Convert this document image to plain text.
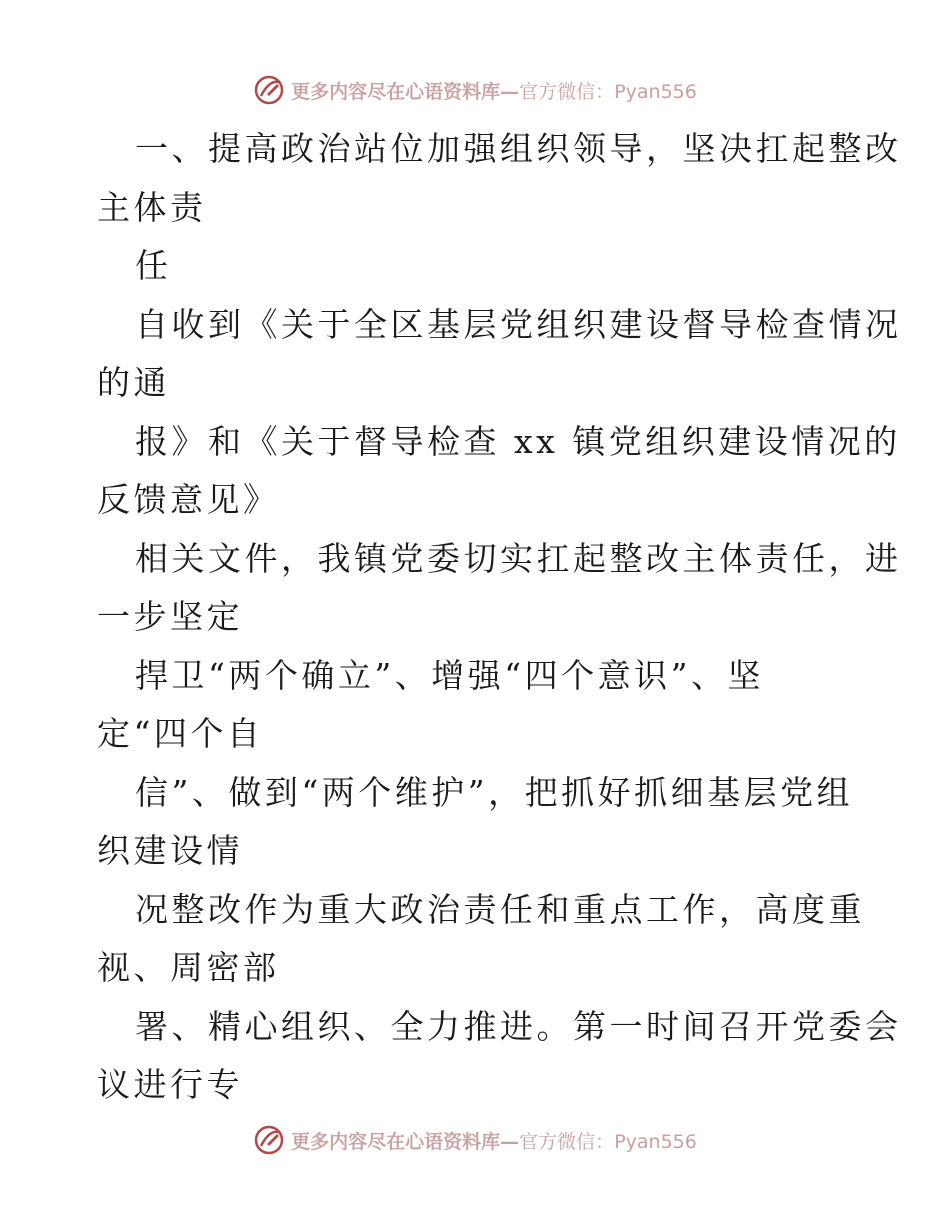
更多内容尽在心语资料库—官方微信：Pyan556
一、提高政治站位加强组织领导，坚决扛起整改
主体责
任
自收到《关于全区基层党组织建设督导检查情况
的通
报》和《关于督导检查 xx 镇党组织建设情况的
反馈意见》
相关文件，我镇党委切实扛起整改主体责任，进
一步坚定
捍卫“两个确立”、增强“四个意识”、坚
定“四个自
信”、做到“两个维护”，把抓好抓细基层党组
织建设情
况整改作为重大政治责任和重点工作，高度重
视、周密部
署、精心组织、全力推进。第一时间召开党委会
议进行专
更多内容尽在心语资料库—官方微信：Pyan556
